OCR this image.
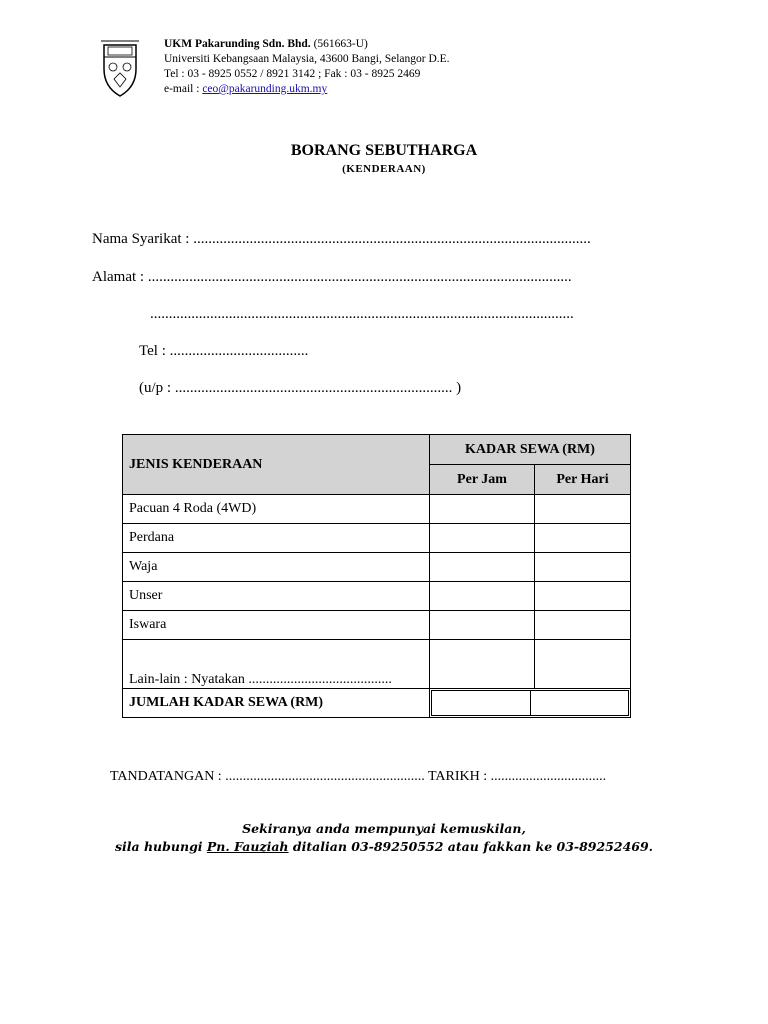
UKM Pakarunding Sdn. Bhd. (561663-U)
Universiti Kebangsaan Malaysia, 43600 Bangi, Selangor D.E.
Tel : 03 - 8925 0552 / 8921 3142 ; Fak : 03 - 8925 2469
e-mail : ceo@pakarunding.ukm.my
BORANG SEBUTHARGA
(KENDERAAN)
Nama Syarikat : ..........................................................................................................
Alamat : .................................................................................................................
.................................................................................................................
Tel : .....................................
(u/p : .......................................................................... )
JENIS KENDERAAN	KADAR SEWA (RM)	
	Per Jam	Per Hari
Pacuan 4 Roda (4WD)		
Perdana		
Waja		
Unser		
Iswara		
Lain-lain : Nyatakan .........................................		
JUMLAH KADAR SEWA (RM)		
TANDATANGAN : ......................................................... TARIKH : .................................
Sekiranya anda mempunyai kemuskilan,
sila hubungi Pn. Fauziah ditalian 03-89250552 atau fakkan ke 03-89252469.
